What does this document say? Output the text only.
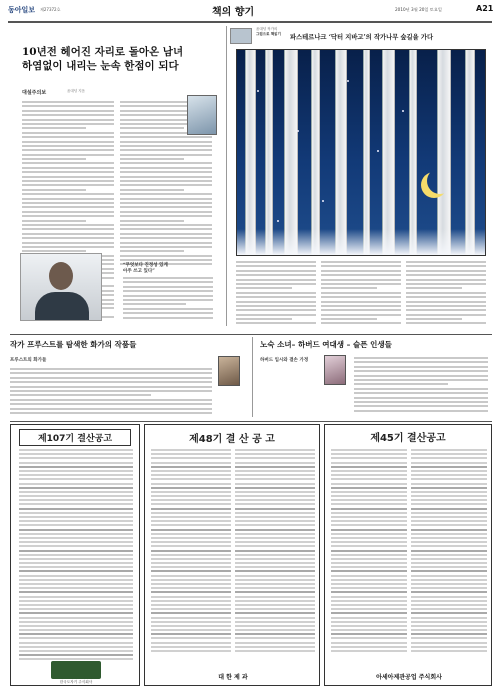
동아일보 제27372호	책의 향기	2010년 3월 20일 토요일	A21
10년전 헤어진 자리로 돌아온 남녀
하염없이 내리는 눈속 한점이 되다
대설주의보	윤대녕 지음
“무엇보다 진정성 있게
아주 쓰고 있다”
윤대녕 작가의
그림으로 책읽기
파스테르나크 ‘닥터 지바고’의 작가나무 숲길을 가다
작가 프루스트를 탐색한 화가의 작품들
프루스트의 화가들
노숙 소녀– 하버드 여대생 – 슬픈 인생들
하버드 입시와 결손 가정
제107기 결산공고
한국도자기 주식회사
제48기 결 산 공 고
대 한 제 과
제45기 결산공고
아세아제관공업 주식회사
